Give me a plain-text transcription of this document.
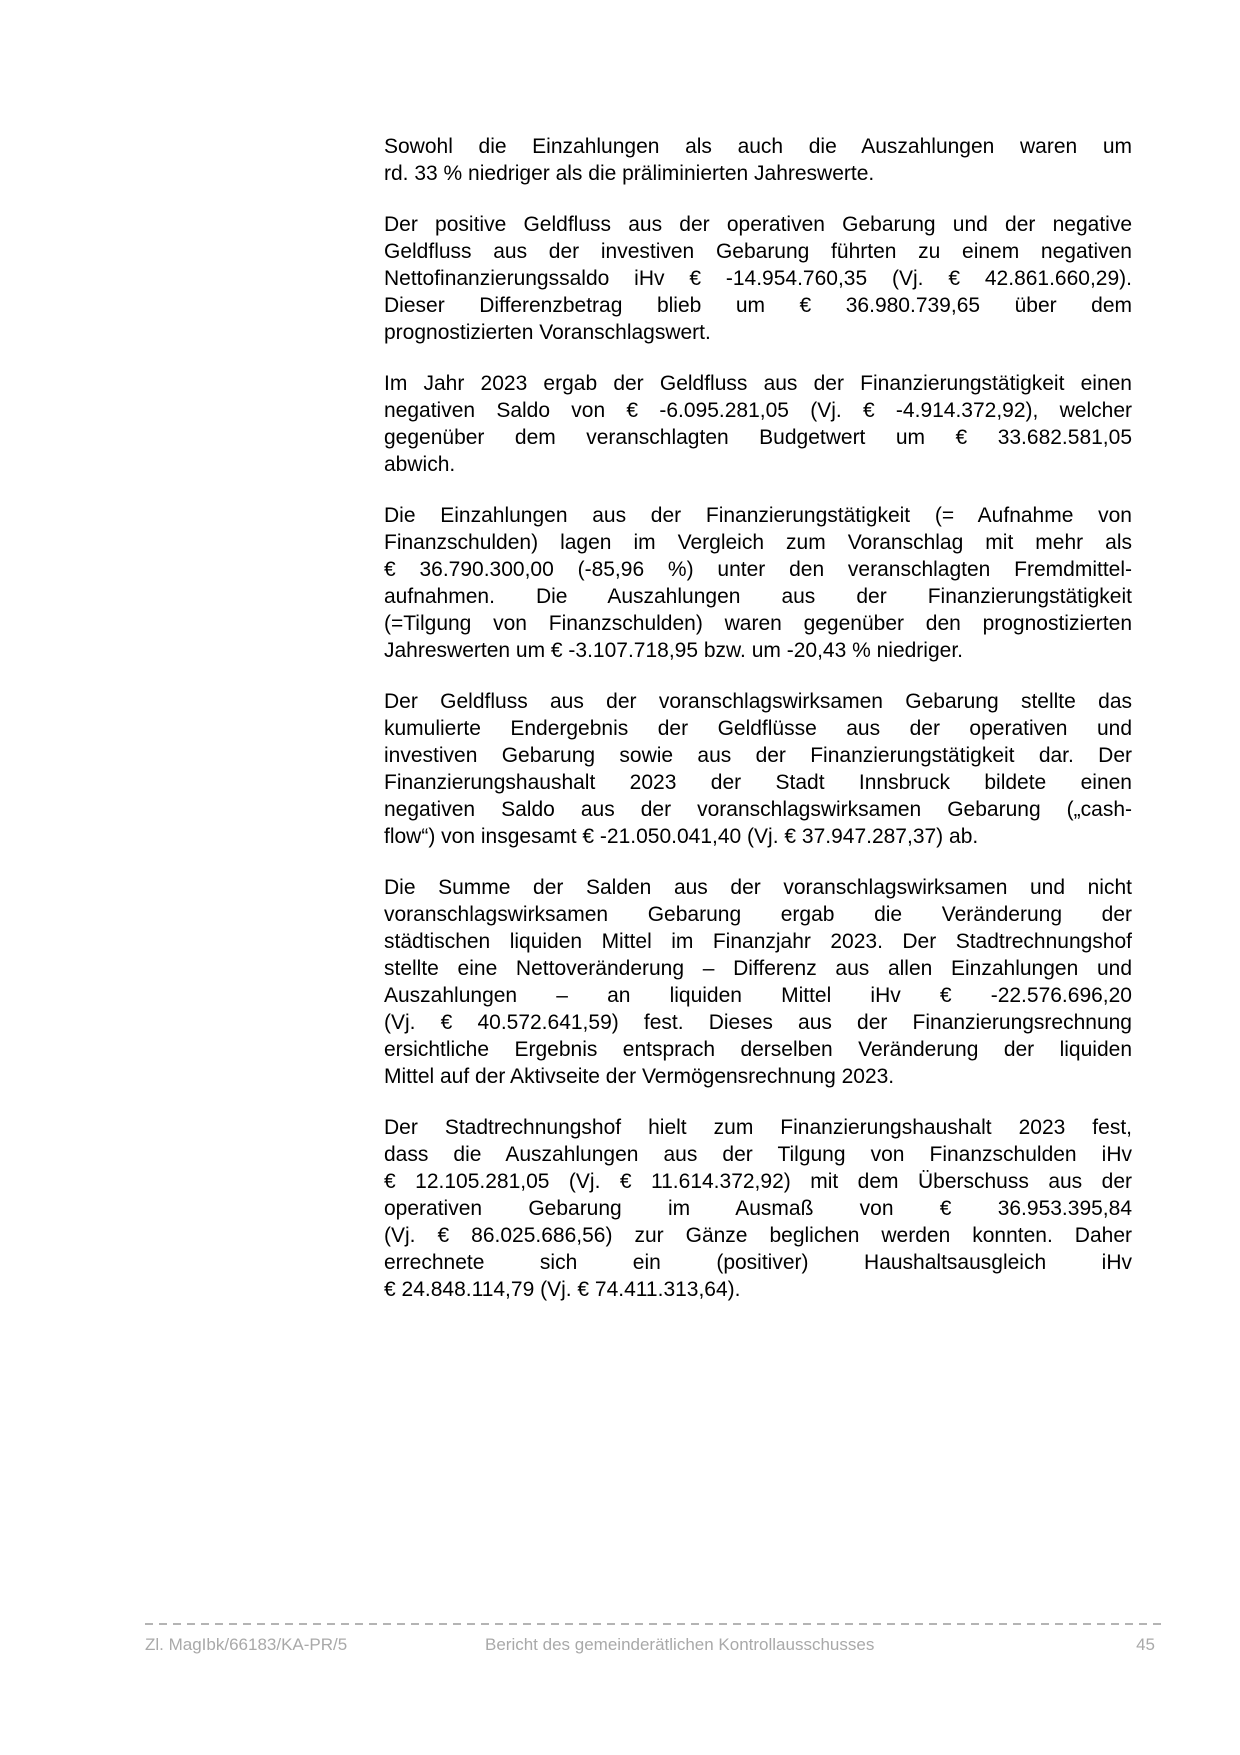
Sowohl die Einzahlungen als auch die Auszahlungen waren um
rd. 33 % niedriger als die präliminierten Jahreswerte.
Der positive Geldfluss aus der operativen Gebarung und der negative
Geldfluss aus der investiven Gebarung führten zu einem negativen
Nettofinanzierungssaldo iHv € -14.954.760,35 (Vj. € 42.861.660,29).
Dieser Differenzbetrag blieb um € 36.980.739,65 über dem
prognostizierten Voranschlagswert.
Im Jahr 2023 ergab der Geldfluss aus der Finanzierungstätigkeit einen
negativen Saldo von € -6.095.281,05 (Vj. € -4.914.372,92), welcher
gegenüber dem veranschlagten Budgetwert um € 33.682.581,05
abwich.
Die Einzahlungen aus der Finanzierungstätigkeit (= Aufnahme von
Finanzschulden) lagen im Vergleich zum Voranschlag mit mehr als
€ 36.790.300,00 (-85,96 %) unter den veranschlagten Fremdmittel-
aufnahmen. Die Auszahlungen aus der Finanzierungstätigkeit
(=Tilgung von Finanzschulden) waren gegenüber den prognostizierten
Jahreswerten um € -3.107.718,95 bzw. um -20,43 % niedriger.
Der Geldfluss aus der voranschlagswirksamen Gebarung stellte das
kumulierte Endergebnis der Geldflüsse aus der operativen und
investiven Gebarung sowie aus der Finanzierungstätigkeit dar. Der
Finanzierungshaushalt 2023 der Stadt Innsbruck bildete einen
negativen Saldo aus der voranschlagswirksamen Gebarung („cash-
flow“) von insgesamt € -21.050.041,40 (Vj. € 37.947.287,37) ab.
Die Summe der Salden aus der voranschlagswirksamen und nicht
voranschlagswirksamen Gebarung ergab die Veränderung der
städtischen liquiden Mittel im Finanzjahr 2023. Der Stadtrechnungshof
stellte eine Nettoveränderung – Differenz aus allen Einzahlungen und
Auszahlungen – an liquiden Mittel iHv € -22.576.696,20
(Vj. € 40.572.641,59) fest. Dieses aus der Finanzierungsrechnung
ersichtliche Ergebnis entsprach derselben Veränderung der liquiden
Mittel auf der Aktivseite der Vermögensrechnung 2023.
Der Stadtrechnungshof hielt zum Finanzierungshaushalt 2023 fest,
dass die Auszahlungen aus der Tilgung von Finanzschulden iHv
€ 12.105.281,05 (Vj. € 11.614.372,92) mit dem Überschuss aus der
operativen Gebarung im Ausmaß von € 36.953.395,84
(Vj. € 86.025.686,56) zur Gänze beglichen werden konnten. Daher
errechnete sich ein (positiver) Haushaltsausgleich iHv
€ 24.848.114,79 (Vj. € 74.411.313,64).
Zl. MagIbk/66183/KA-PR/5	Bericht des gemeinderätlichen Kontrollausschusses	45
